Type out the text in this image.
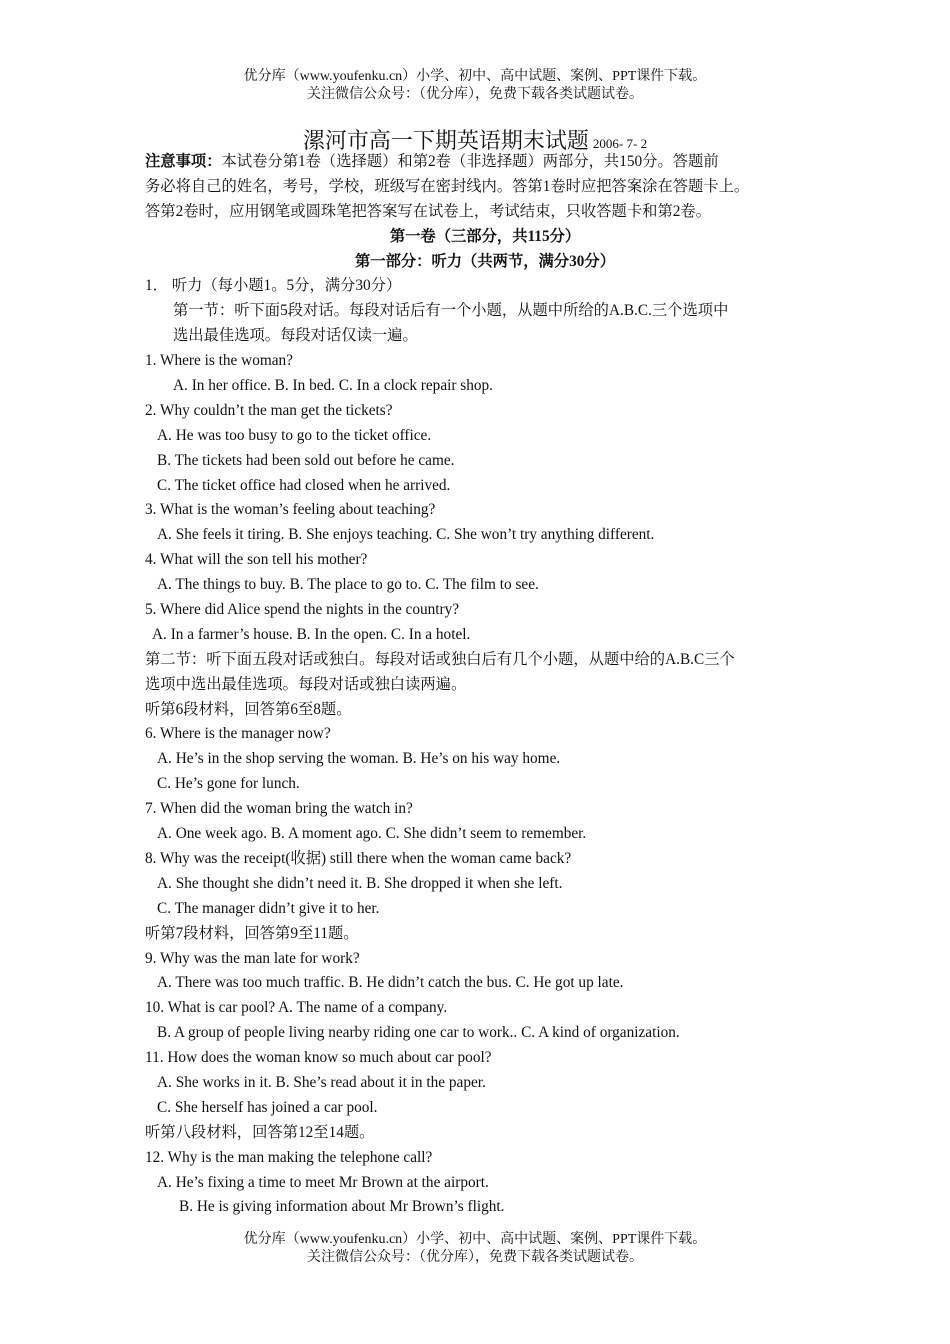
优分库（www.youfenku.cn）小学、初中、高中试题、案例、PPT课件下载。
关注微信公众号：（优分库），免费下载各类试题试卷。
漯河市高一下期英语期末试题 2006- 7- 2
注意事项：本试卷分第1卷（选择题）和第2卷（非选择题）两部分，共150分。答题前
务必将自己的姓名，考号，学校，班级写在密封线内。答第1卷时应把答案涂在答题卡上。
答第2卷时，应用钢笔或圆珠笔把答案写在试卷上，考试结束，只收答题卡和第2卷。
第一卷（三部分，共115分）
第一部分：听力（共两节，满分30分）
1． 听力（每小题1。5分，满分30分）
第一节：听下面5段对话。每段对话后有一个小题，从题中所给的A.B.C.三个选项中
选出最佳选项。每段对话仅读一遍。
1. Where is the woman?
A. In her office. B. In bed. C. In a clock repair shop.
2. Why couldn’t the man get the tickets?
A. He was too busy to go to the ticket office.
B. The tickets had been sold out before he came.
C. The ticket office had closed when he arrived.
3. What is the woman’s feeling about teaching?
A. She feels it tiring. B. She enjoys teaching. C. She won’t try anything different.
4. What will the son tell his mother?
A. The things to buy. B. The place to go to. C. The film to see.
5. Where did Alice spend the nights in the country?
A. In a farmer’s house. B. In the open. C. In a hotel.
第二节：听下面五段对话或独白。每段对话或独白后有几个小题，从题中给的A.B.C三个
选项中选出最佳选项。每段对话或独白读两遍。
听第6段材料，回答第6至8题。
6. Where is the manager now?
A. He’s in the shop serving the woman. B. He’s on his way home.
C. He’s gone for lunch.
7. When did the woman bring the watch in?
A. One week ago. B. A moment ago. C. She didn’t seem to remember.
8. Why was the receipt(收据) still there when the woman came back?
A. She thought she didn’t need it. B. She dropped it when she left.
C. The manager didn’t give it to her.
听第7段材料，回答第9至11题。
9. Why was the man late for work?
A. There was too much traffic. B. He didn’t catch the bus. C. He got up late.
10. What is car pool? A. The name of a company.
B. A group of people living nearby riding one car to work.. C. A kind of organization.
11. How does the woman know so much about car pool?
A. She works in it. B. She’s read about it in the paper.
C. She herself has joined a car pool.
听第八段材料，回答第12至14题。
12. Why is the man making the telephone call?
A. He’s fixing a time to meet Mr Brown at the airport.
B. He is giving information about Mr Brown’s flight.
优分库（www.youfenku.cn）小学、初中、高中试题、案例、PPT课件下载。
关注微信公众号：（优分库），免费下载各类试题试卷。
